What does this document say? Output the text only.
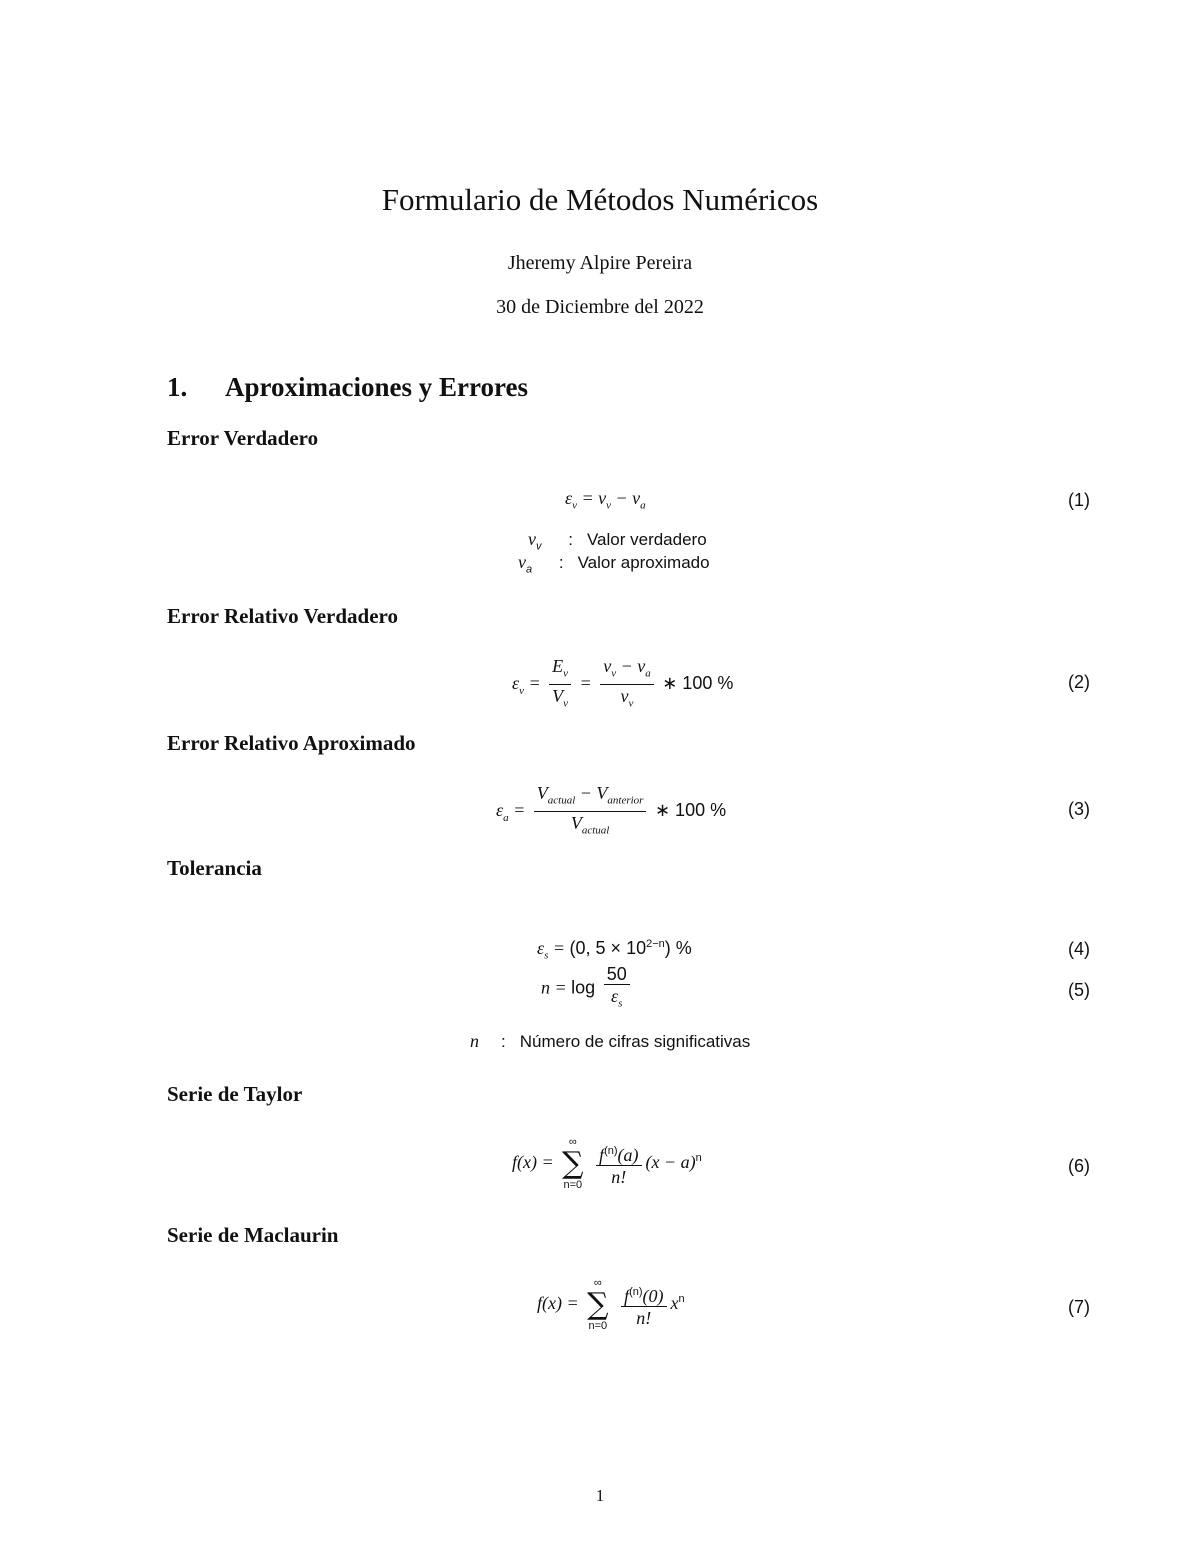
Formulario de Métodos Numéricos
Jheremy Alpire Pereira
30 de Diciembre del 2022
1. Aproximaciones y Errores
Error Verdadero
$\varepsilon_v = v_v - v_a$	(1)
$v_v$ : Valor verdadero
$v_a$ : Valor aproximado
Error Relativo Verdadero
$\varepsilon_v = \frac{E_v}{V_v} = \frac{v_v - v_a}{v_v}$ ∗ 100 %	(2)
Error Relativo Aproximado
$\varepsilon_a = \frac{V_{actual} - V_{anterior}}{V_{actual}}$ ∗ 100 %	(3)
Tolerancia
$\varepsilon_s = (0$, $5 \times 10^{2-n}$) %	(4)
$n = \log \frac{50}{\varepsilon_s}$	(5)
n : Número de cifras significativas
Serie de Taylor
f(x) =
∞
∑
n=0
$\frac{f^{(n)}(a)}{n!} (x - a)^n$	(6)
Serie de Maclaurin
f(x) =
∞
∑
n=0
$\frac{f^{(n)}(0)}{n!} x^n$	(7)
1
